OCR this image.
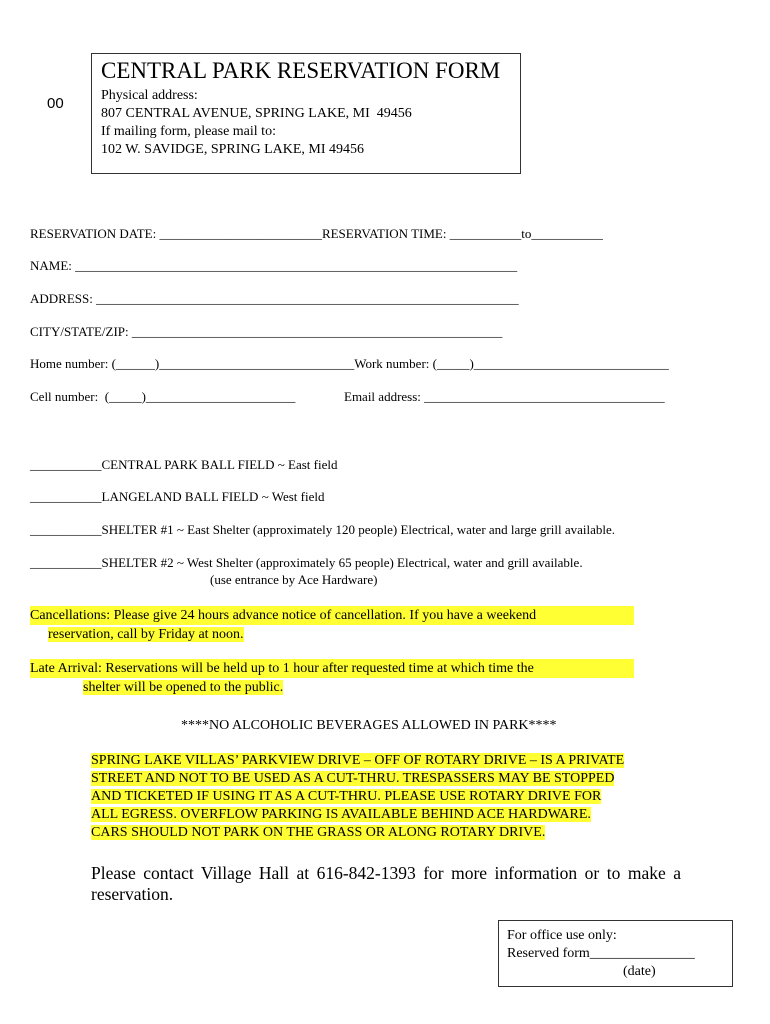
00
CENTRAL PARK RESERVATION FORM
Physical address:
807 CENTRAL AVENUE, SPRING LAKE, MI  49456
If mailing form, please mail to:
102 W. SAVIDGE, SPRING LAKE, MI 49456
RESERVATION DATE: _________________________RESERVATION TIME: ___________to___________
NAME: ____________________________________________________________________
ADDRESS: _________________________________________________________________
CITY/STATE/ZIP: _________________________________________________________
Home number: (______)______________________________Work number: (_____)______________________________
Cell number:  (_____)_______________________	Email address: _____________________________________
___________CENTRAL PARK BALL FIELD ~ East field
___________LANGELAND BALL FIELD ~ West field
___________SHELTER #1 ~ East Shelter (approximately 120 people) Electrical, water and large grill available.
___________SHELTER #2 ~ West Shelter (approximately 65 people) Electrical, water and grill available.
(use entrance by Ace Hardware)
Cancellations: Please give 24 hours advance notice of cancellation. If you have a weekend
reservation, call by Friday at noon.
Late Arrival: Reservations will be held up to 1 hour after requested time at which time the
shelter will be opened to the public.
****NO ALCOHOLIC BEVERAGES ALLOWED IN PARK****
SPRING LAKE VILLAS’ PARKVIEW DRIVE – OFF OF ROTARY DRIVE – IS A PRIVATE
STREET AND NOT TO BE USED AS A CUT-THRU. TRESPASSERS MAY BE STOPPED
AND TICKETED IF USING IT AS A CUT-THRU. PLEASE USE ROTARY DRIVE FOR
ALL EGRESS. OVERFLOW PARKING IS AVAILABLE BEHIND ACE HARDWARE.
CARS SHOULD NOT PARK ON THE GRASS OR ALONG ROTARY DRIVE.
Please contact Village Hall at 616-842-1393 for more information or to make a reservation.
For office use only:
Reserved form_______________
(date)
